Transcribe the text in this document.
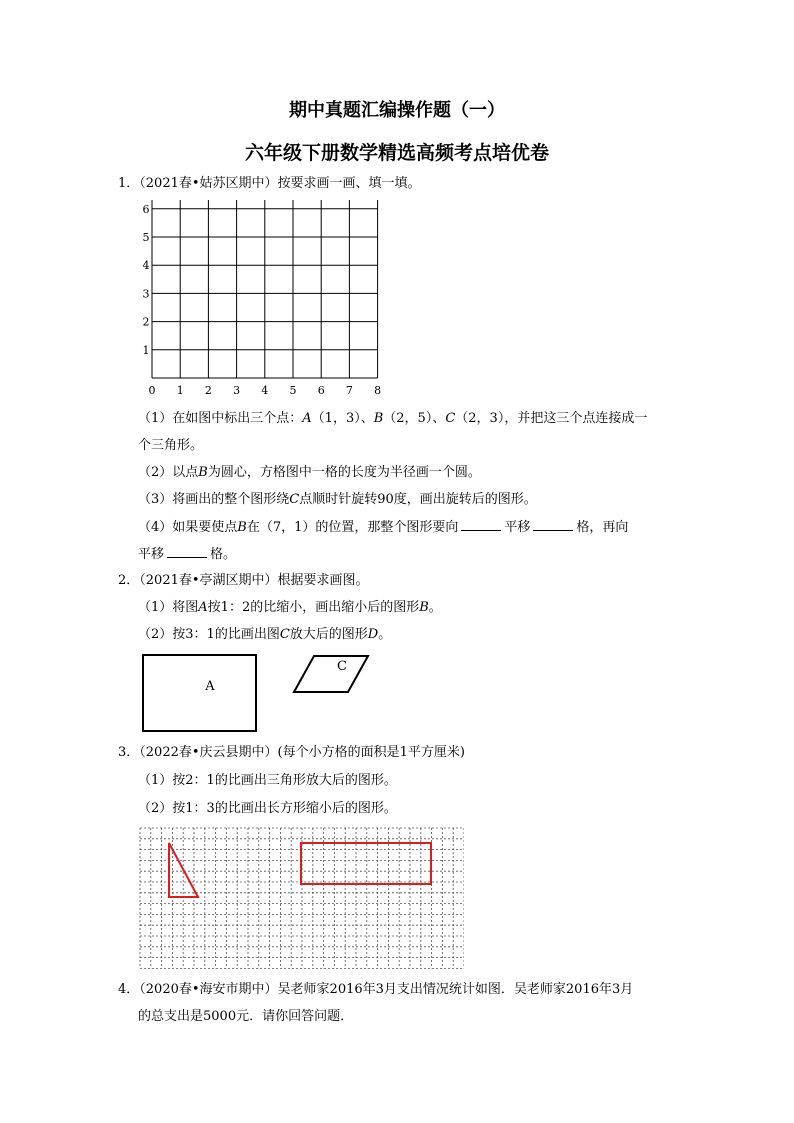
期中真题汇编操作题（一）
六年级下册数学精选高频考点培优卷
1．（2021春•姑苏区期中）按要求画一画、填一填。
0 1 2 3 4 5 6 7 8
1
2
3
4
5
6
（1）在如图中标出三个点：A（1，3）、B（2，5）、C（2，3），并把这三个点连接成一
个三角形。
（2）以点B为圆心，方格图中一格的长度为半径画一个圆。
（3）将画出的整个图形绕C点顺时针旋转90度，画出旋转后的图形。
（4）如果要使点B在（7，1）的位置，那整个图形要向	平移	格，再向
平移	格。
2．（2021春•亭湖区期中）根据要求画图。
（1）将图A按1：2的比缩小，画出缩小后的图形B。
（2）按3：1的比画出图C放大后的图形D。
A
C
3．（2022春•庆云县期中）(每个小方格的面积是1平方厘米)
（1）按2：1的比画出三角形放大后的图形。
（2）按1：3的比画出长方形缩小后的图形。
4．（2020春•海安市期中）吴老师家2016年3月支出情况统计如图．吴老师家2016年3月
的总支出是5000元．请你回答问题．
